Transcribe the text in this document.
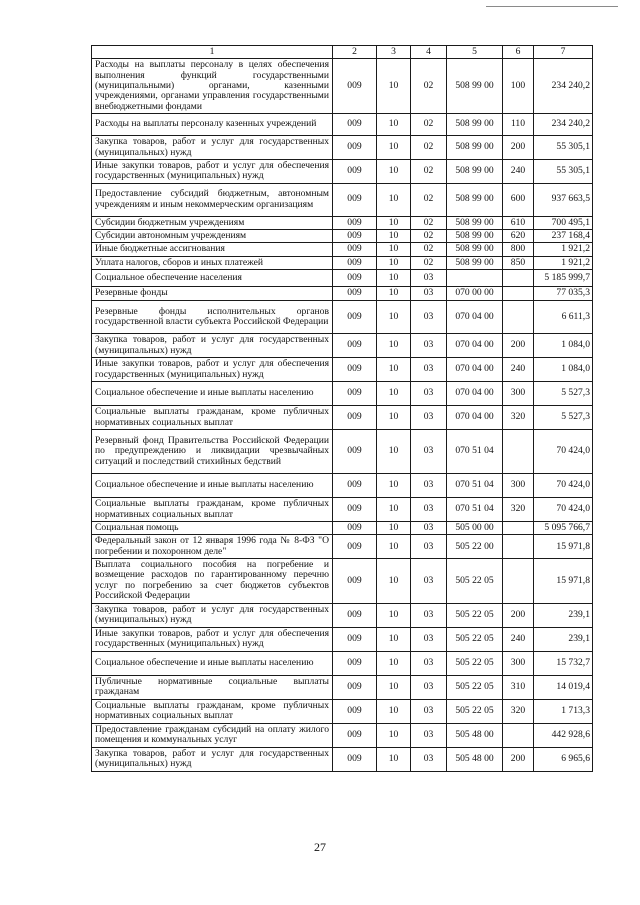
1	2	3	4	5	6	7
Расходы на выплаты персоналу в целях обеспечения выполнения функций государственными (муниципальными) органами, казенными учреждениями, органами управления государственными внебюджетными фондами	009	10	02	508 99 00	100	234 240,2
Расходы на выплаты персоналу казенных учреждений	009	10	02	508 99 00	110	234 240,2
Закупка товаров, работ и услуг для государственных (муниципальных) нужд	009	10	02	508 99 00	200	55 305,1
Иные закупки товаров, работ и услуг для обеспечения государственных (муниципальных) нужд	009	10	02	508 99 00	240	55 305,1
Предоставление субсидий бюджетным, автономным учреждениям и иным некоммерческим организациям	009	10	02	508 99 00	600	937 663,5
Субсидии бюджетным учреждениям	009	10	02	508 99 00	610	700 495,1
Субсидии автономным учреждениям	009	10	02	508 99 00	620	237 168,4
Иные бюджетные ассигнования	009	10	02	508 99 00	800	1 921,2
Уплата налогов, сборов и иных платежей	009	10	02	508 99 00	850	1 921,2
Социальное обеспечение населения	009	10	03			5 185 999,7
Резервные фонды	009	10	03	070 00 00		77 035,3
Резервные фонды исполнительных органов государственной власти субъекта Российской Федерации	009	10	03	070 04 00		6 611,3
Закупка товаров, работ и услуг для государственных (муниципальных) нужд	009	10	03	070 04 00	200	1 084,0
Иные закупки товаров, работ и услуг для обеспечения государственных (муниципальных) нужд	009	10	03	070 04 00	240	1 084,0
Социальное обеспечение и иные выплаты населению	009	10	03	070 04 00	300	5 527,3
Социальные выплаты гражданам, кроме публичных нормативных социальных выплат	009	10	03	070 04 00	320	5 527,3
Резервный фонд Правительства Российской Федерации по предупреждению и ликвидации чрезвычайных ситуаций и последствий стихийных бедствий	009	10	03	070 51 04		70 424,0
Социальное обеспечение и иные выплаты населению	009	10	03	070 51 04	300	70 424,0
Социальные выплаты гражданам, кроме публичных нормативных социальных выплат	009	10	03	070 51 04	320	70 424,0
Социальная помощь	009	10	03	505 00 00		5 095 766,7
Федеральный закон от 12 января 1996 года № 8-ФЗ "О погребении и похоронном деле"	009	10	03	505 22 00		15 971,8
Выплата социального пособия на погребение и возмещение расходов по гарантированному перечню услуг по погребению за счет бюджетов субъектов Российской Федерации	009	10	03	505 22 05		15 971,8
Закупка товаров, работ и услуг для государственных (муниципальных) нужд	009	10	03	505 22 05	200	239,1
Иные закупки товаров, работ и услуг для обеспечения государственных (муниципальных) нужд	009	10	03	505 22 05	240	239,1
Социальное обеспечение и иные выплаты населению	009	10	03	505 22 05	300	15 732,7
Публичные нормативные социальные выплаты гражданам	009	10	03	505 22 05	310	14 019,4
Социальные выплаты гражданам, кроме публичных нормативных социальных выплат	009	10	03	505 22 05	320	1 713,3
Предоставление гражданам субсидий на оплату жилого помещения и коммунальных услуг	009	10	03	505 48 00		442 928,6
Закупка товаров, работ и услуг для государственных (муниципальных) нужд	009	10	03	505 48 00	200	6 965,6
27
